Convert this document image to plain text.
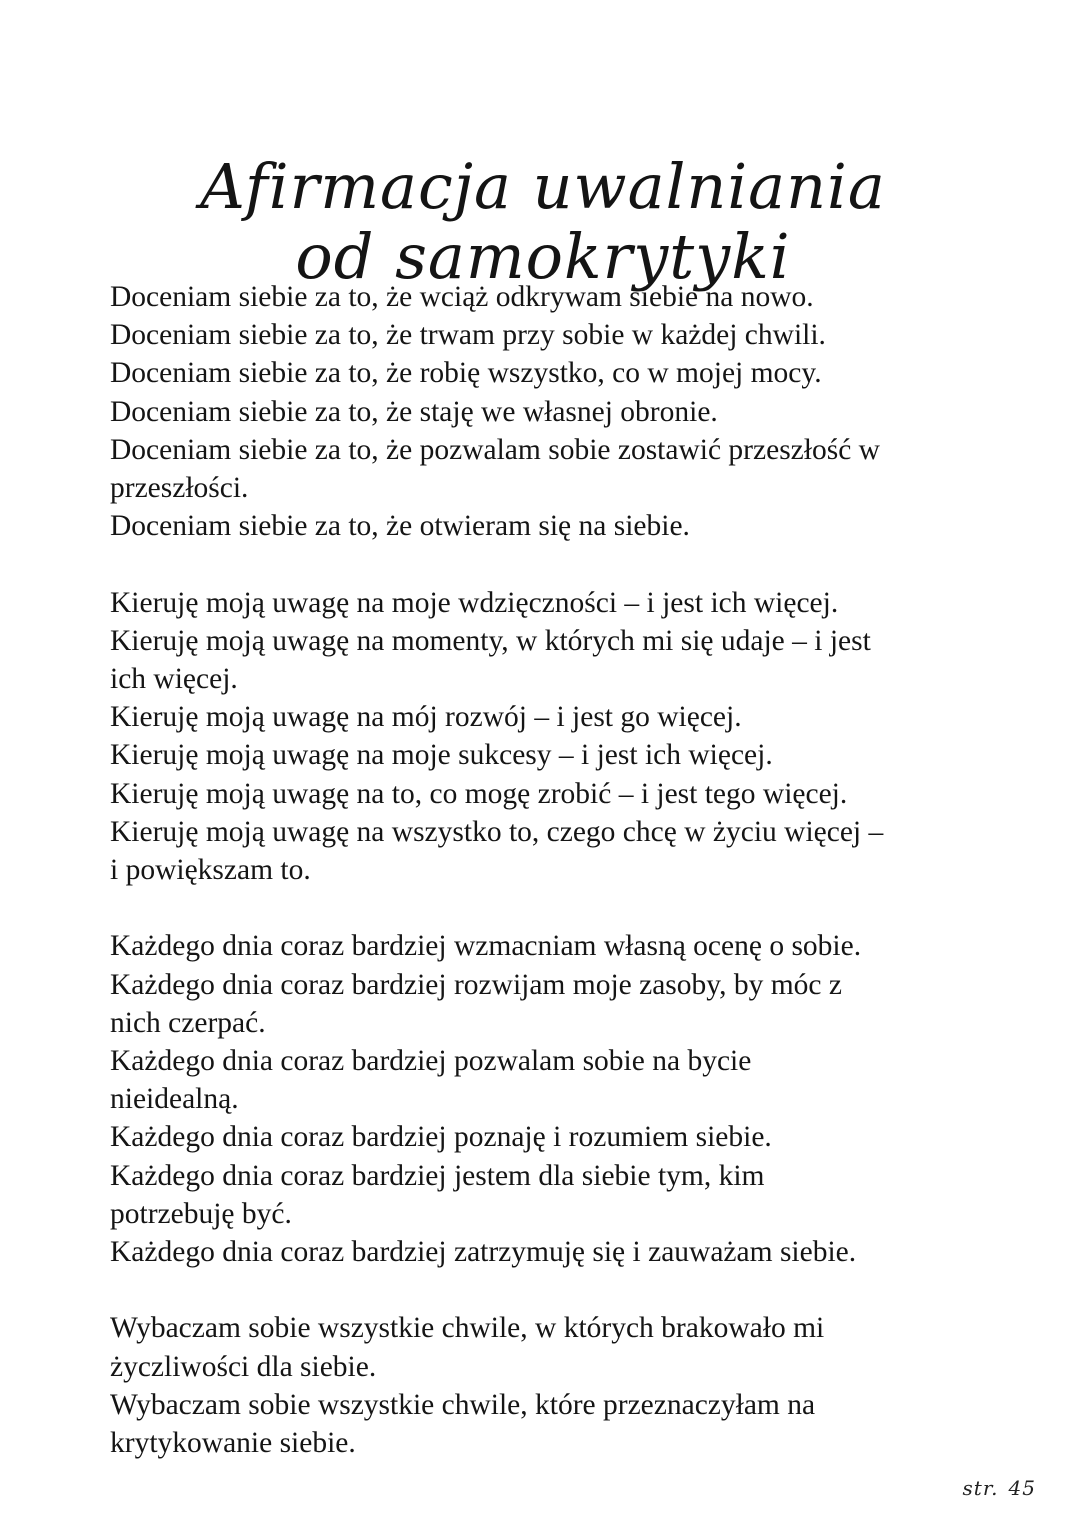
Afirmacja uwalniania
od samokrytyki
Doceniam siebie za to, że wciąż odkrywam siebie na nowo.
Doceniam siebie za to, że trwam przy sobie w każdej chwili.
Doceniam siebie za to, że robię wszystko, co w mojej mocy.
Doceniam siebie za to, że staję we własnej obronie.
Doceniam siebie za to, że pozwalam sobie zostawić przeszłość w
przeszłości.
Doceniam siebie za to, że otwieram się na siebie.
Kieruję moją uwagę na moje wdzięczności – i jest ich więcej.
Kieruję moją uwagę na momenty, w których mi się udaje – i jest
ich więcej.
Kieruję moją uwagę na mój rozwój – i jest go więcej.
Kieruję moją uwagę na moje sukcesy – i jest ich więcej.
Kieruję moją uwagę na to, co mogę zrobić – i jest tego więcej.
Kieruję moją uwagę na wszystko to, czego chcę w życiu więcej –
i powiększam to.
Każdego dnia coraz bardziej wzmacniam własną ocenę o sobie.
Każdego dnia coraz bardziej rozwijam moje zasoby, by móc z
nich czerpać.
Każdego dnia coraz bardziej pozwalam sobie na bycie
nieidealną.
Każdego dnia coraz bardziej poznaję i rozumiem siebie.
Każdego dnia coraz bardziej jestem dla siebie tym, kim
potrzebuję być.
Każdego dnia coraz bardziej zatrzymuję się i zauważam siebie.
Wybaczam sobie wszystkie chwile, w których brakowało mi
życzliwości dla siebie.
Wybaczam sobie wszystkie chwile, które przeznaczyłam na
krytykowanie siebie.
str. 45
